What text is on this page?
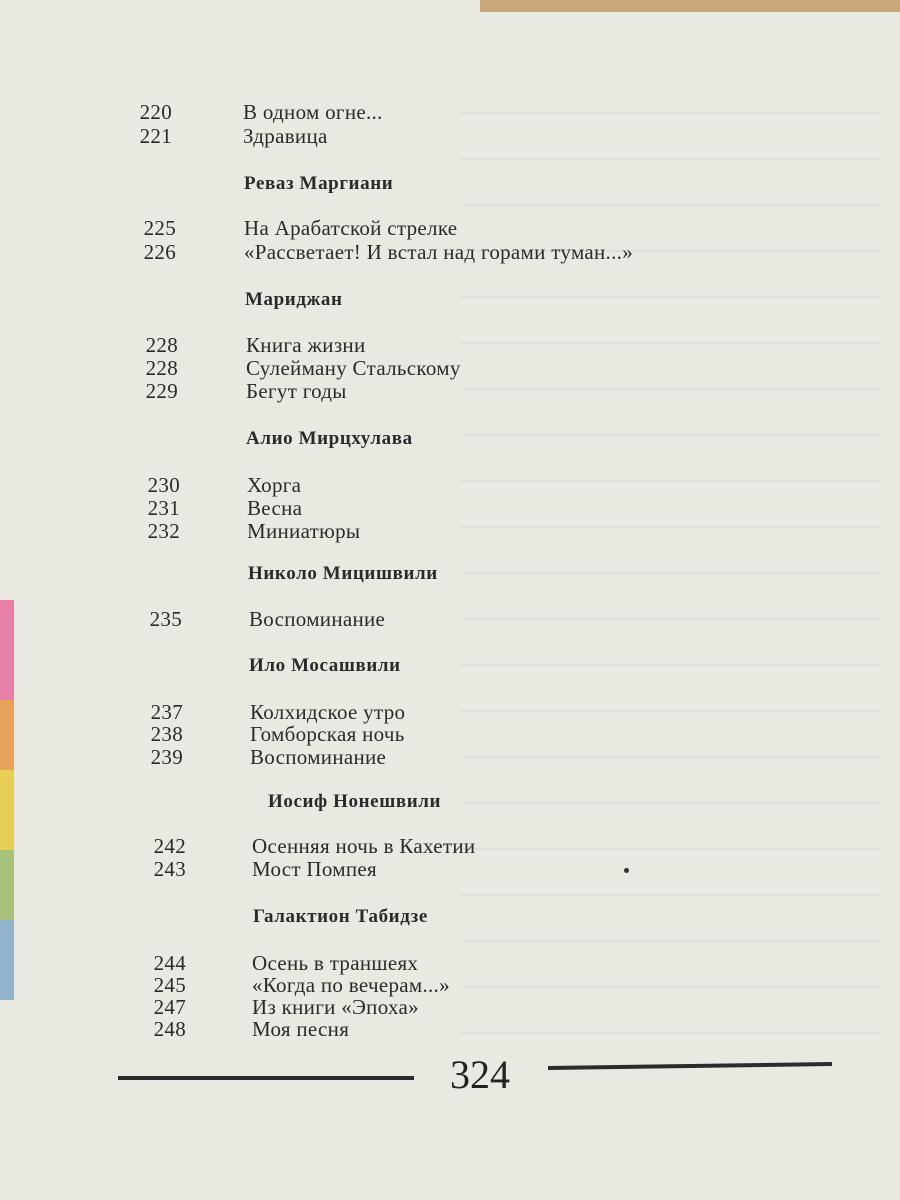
220	В одном огне...
221	Здравица
Реваз Маргиани
225	На Арабатской стрелке
226	«Рассветает! И встал над горами туман...»
Мариджан
228	Книга жизни
228	Сулейману Стальскому
229	Бегут годы
Алио Мирцхулава
230	Хорга
231	Весна
232	Миниатюры
Николо Мицишвили
235	Воспоминание
Ило Мосашвили
237	Колхидское утро
238	Гомборская ночь
239	Воспоминание
Иосиф Нонешвили
242	Осенняя ночь в Кахетии
243	Мост Помпея
Галактион Табидзе
244	Осень в траншеях
245	«Когда по вечерам...»
247	Из книги «Эпоха»
248	Моя песня
324
